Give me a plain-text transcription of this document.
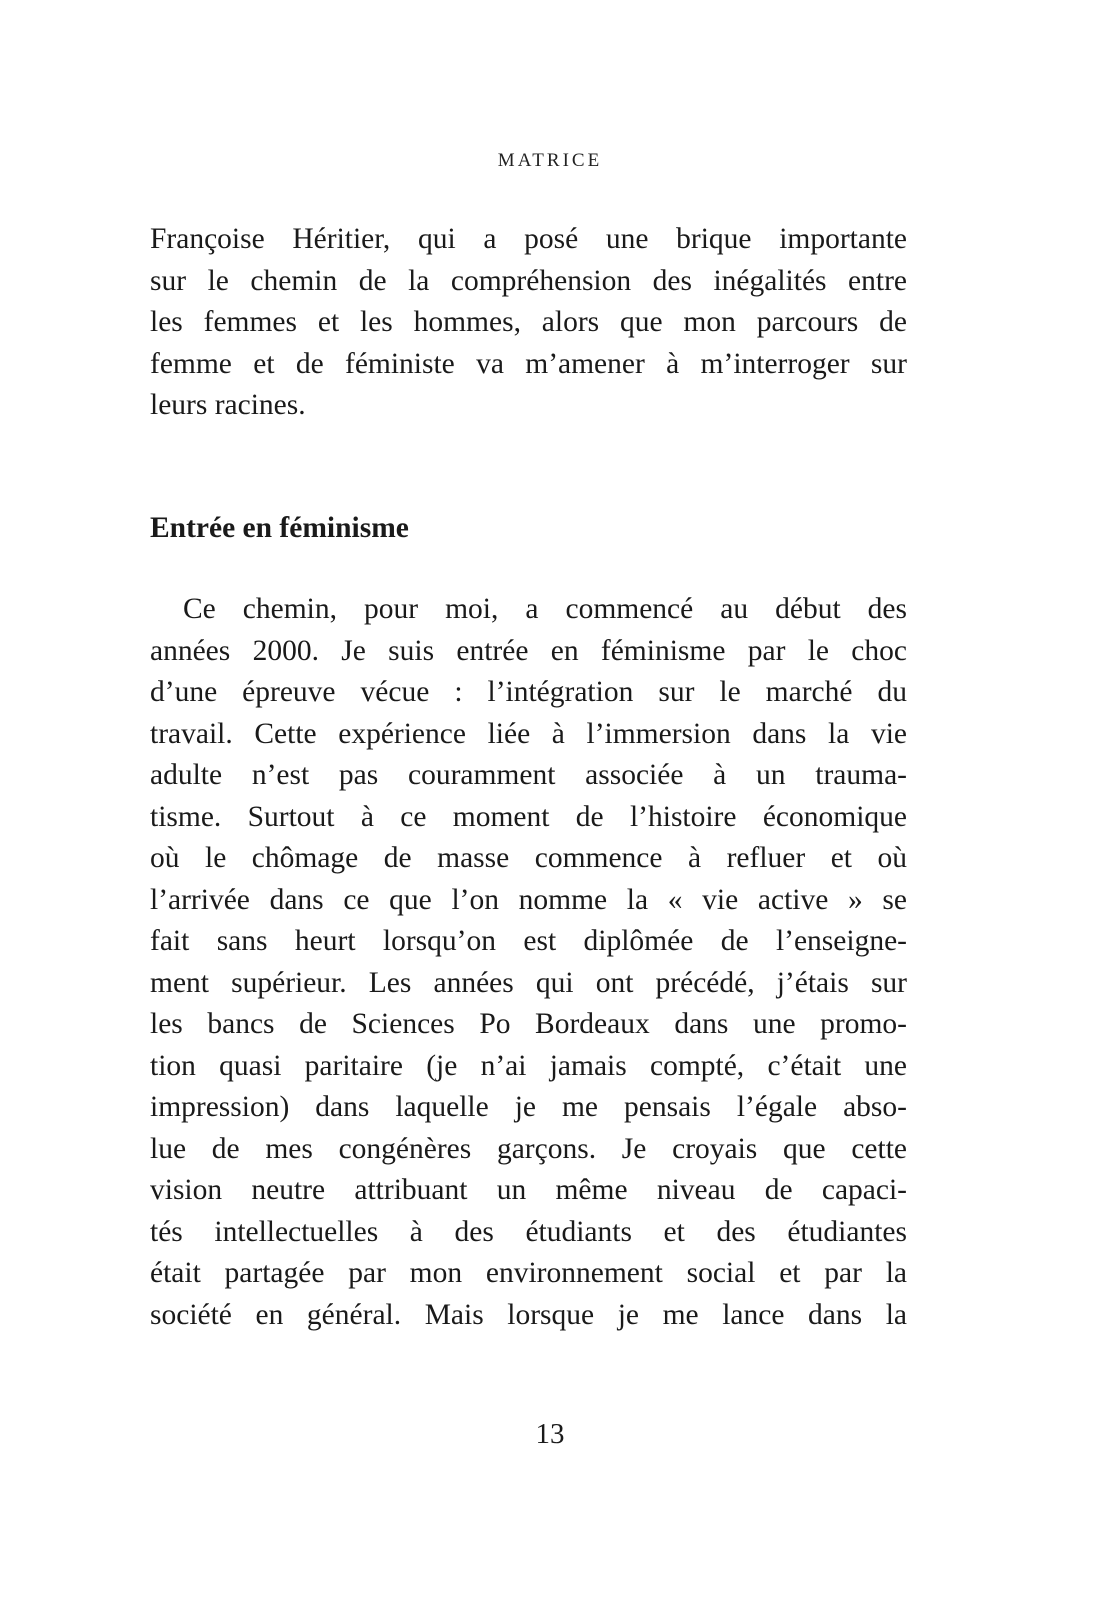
MATRICE
Françoise Héritier, qui a posé une brique importante
sur le chemin de la compréhension des inégalités entre
les femmes et les hommes, alors que mon parcours de
femme et de féministe va m’amener à m’interroger sur
leurs racines.
Entrée en féminisme
Ce chemin, pour moi, a commencé au début des
années 2000. Je suis entrée en féminisme par le choc
d’une épreuve vécue : l’intégration sur le marché du
travail. Cette expérience liée à l’immersion dans la vie
adulte n’est pas couramment associée à un trauma-
tisme. Surtout à ce moment de l’histoire économique
où le chômage de masse commence à refluer et où
l’arrivée dans ce que l’on nomme la « vie active » se
fait sans heurt lorsqu’on est diplômée de l’enseigne-
ment supérieur. Les années qui ont précédé, j’étais sur
les bancs de Sciences Po Bordeaux dans une promo-
tion quasi paritaire (je n’ai jamais compté, c’était une
impression) dans laquelle je me pensais l’égale abso-
lue de mes congénères garçons. Je croyais que cette
vision neutre attribuant un même niveau de capaci-
tés intellectuelles à des étudiants et des étudiantes
était partagée par mon environnement social et par la
société en général. Mais lorsque je me lance dans la
13
